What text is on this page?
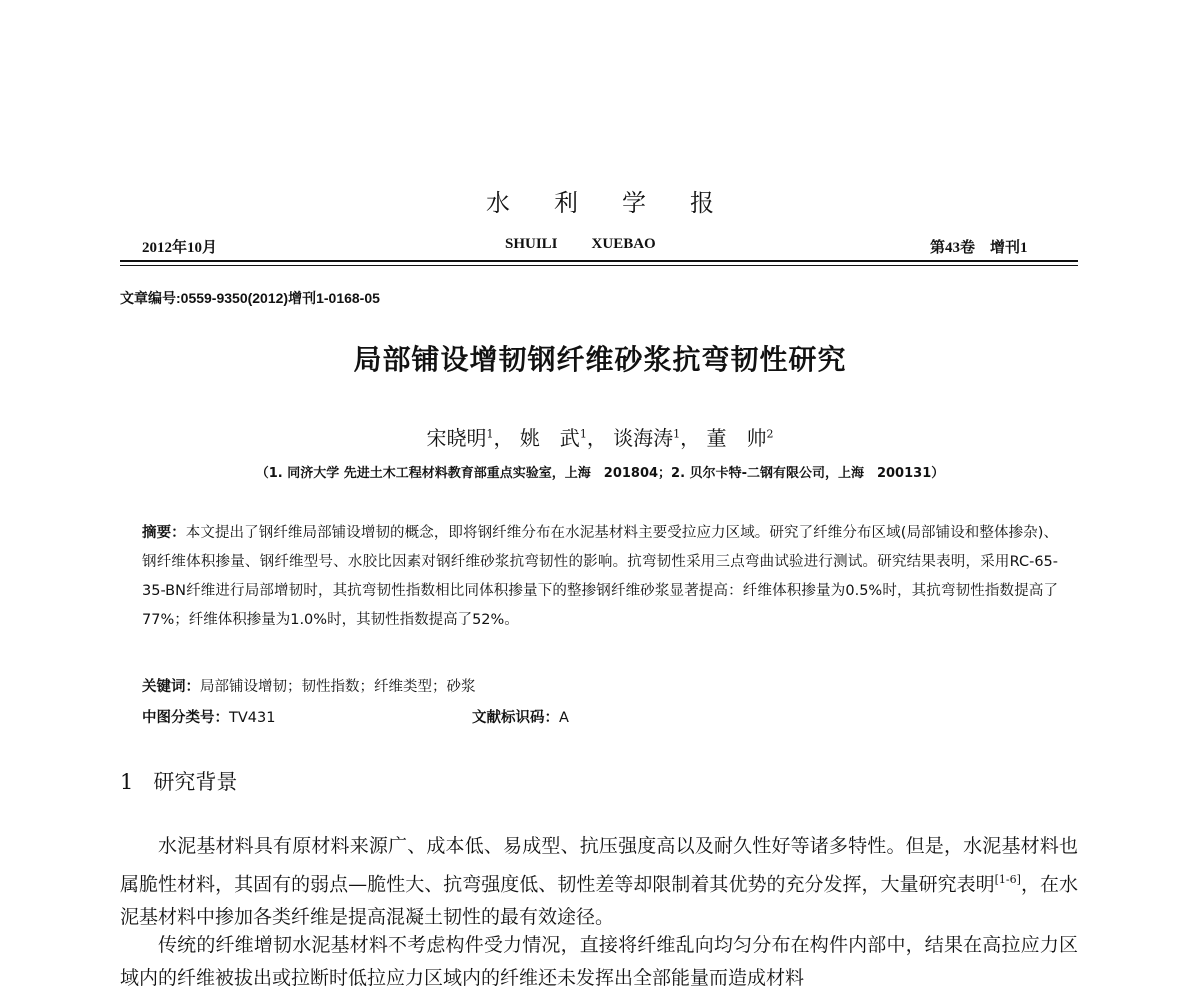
水利学报
2012年10月	SHUILI XUEBAO	第43卷　增刊1
文章编号:0559-9350(2012)增刊1-0168-05
局部铺设增韧钢纤维砂浆抗弯韧性研究
宋晓明$^1$， 姚　武$^1$， 谈海涛$^1$， 董　帅$^2$
（1. 同济大学 先进土木工程材料教育部重点实验室，上海　201804；2. 贝尔卡特-二钢有限公司，上海　200131）
摘要：本文提出了钢纤维局部铺设增韧的概念，即将钢纤维分布在水泥基材料主要受拉应力区域。研究了纤维分布区域(局部铺设和整体掺杂)、钢纤维体积掺量、钢纤维型号、水胶比因素对钢纤维砂浆抗弯韧性的影响。抗弯韧性采用三点弯曲试验进行测试。研究结果表明，采用RC-65-35-BN纤维进行局部增韧时，其抗弯韧性指数相比同体积掺量下的整掺钢纤维砂浆显著提高：纤维体积掺量为0.5%时，其抗弯韧性指数提高了77%；纤维体积掺量为1.0%时，其韧性指数提高了52%。
关键词：局部铺设增韧；韧性指数；纤维类型；砂浆
中图分类号：TV431	文献标识码：A
1 研究背景
水泥基材料具有原材料来源广、成本低、易成型、抗压强度高以及耐久性好等诸多特性。但是，水泥基材料也属脆性材料，其固有的弱点—脆性大、抗弯强度低、韧性差等却限制着其优势的充分发挥，大量研究表明[1-6]，在水泥基材料中掺加各类纤维是提高混凝土韧性的最有效途径。
传统的纤维增韧水泥基材料不考虑构件受力情况，直接将纤维乱向均匀分布在构件内部中，结果在高拉应力区域内的纤维被拔出或拉断时低拉应力区域内的纤维还未发挥出全部能量而造成材料
